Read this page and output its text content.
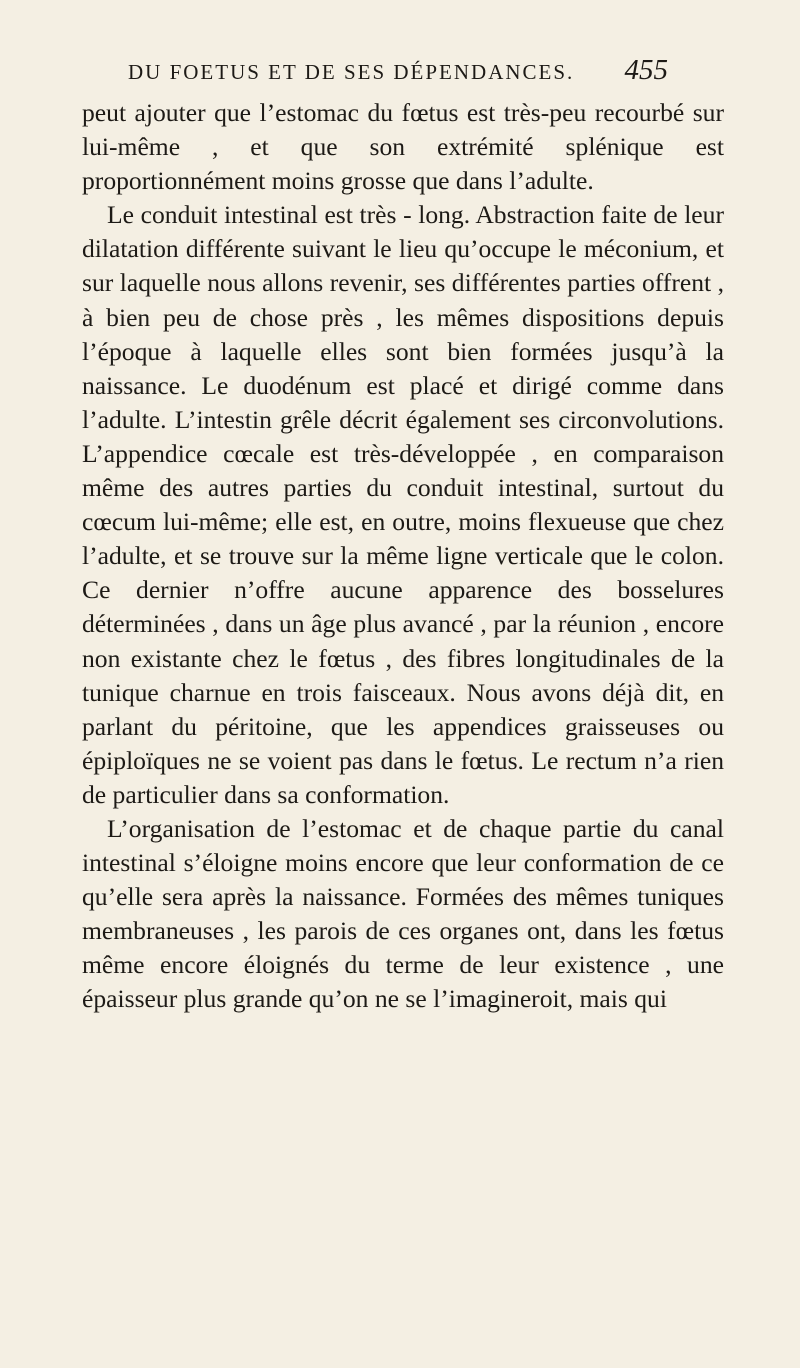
DU FOETUS ET DE SES DÉPENDANCES. 455

peut ajouter que l’estomac du fœtus est très-peu recourbé sur lui-même , et que son extrémité splénique est proportionnément moins grosse que dans l’adulte.

Le conduit intestinal est très - long. Abstraction faite de leur dilatation différente suivant le lieu qu’occupe le méconium, et sur laquelle nous allons revenir, ses différentes parties offrent , à bien peu de chose près , les mêmes dispositions depuis l’époque à laquelle elles sont bien formées jusqu’à la naissance. Le duodénum est placé et dirigé comme dans l’adulte. L’intestin grêle décrit également ses circonvolutions. L’appendice cœcale est très-développée , en comparaison même des autres parties du conduit intestinal, surtout du cœcum lui-même; elle est, en outre, moins flexueuse que chez l’adulte, et se trouve sur la même ligne verticale que le colon. Ce dernier n’offre aucune apparence des bosselures déterminées , dans un âge plus avancé , par la réunion , encore non existante chez le fœtus , des fibres longitudinales de la tunique charnue en trois faisceaux. Nous avons déjà dit, en parlant du péritoine, que les appendices graisseuses ou épiploïques ne se voient pas dans le fœtus. Le rectum n’a rien de particulier dans sa conformation.

L’organisation de l’estomac et de chaque partie du canal intestinal s’éloigne moins encore que leur conformation de ce qu’elle sera après la naissance. Formées des mêmes tuniques membraneuses , les parois de ces organes ont, dans les fœtus même encore éloignés du terme de leur existence , une épaisseur plus grande qu’on ne se l’imagineroit, mais qui
